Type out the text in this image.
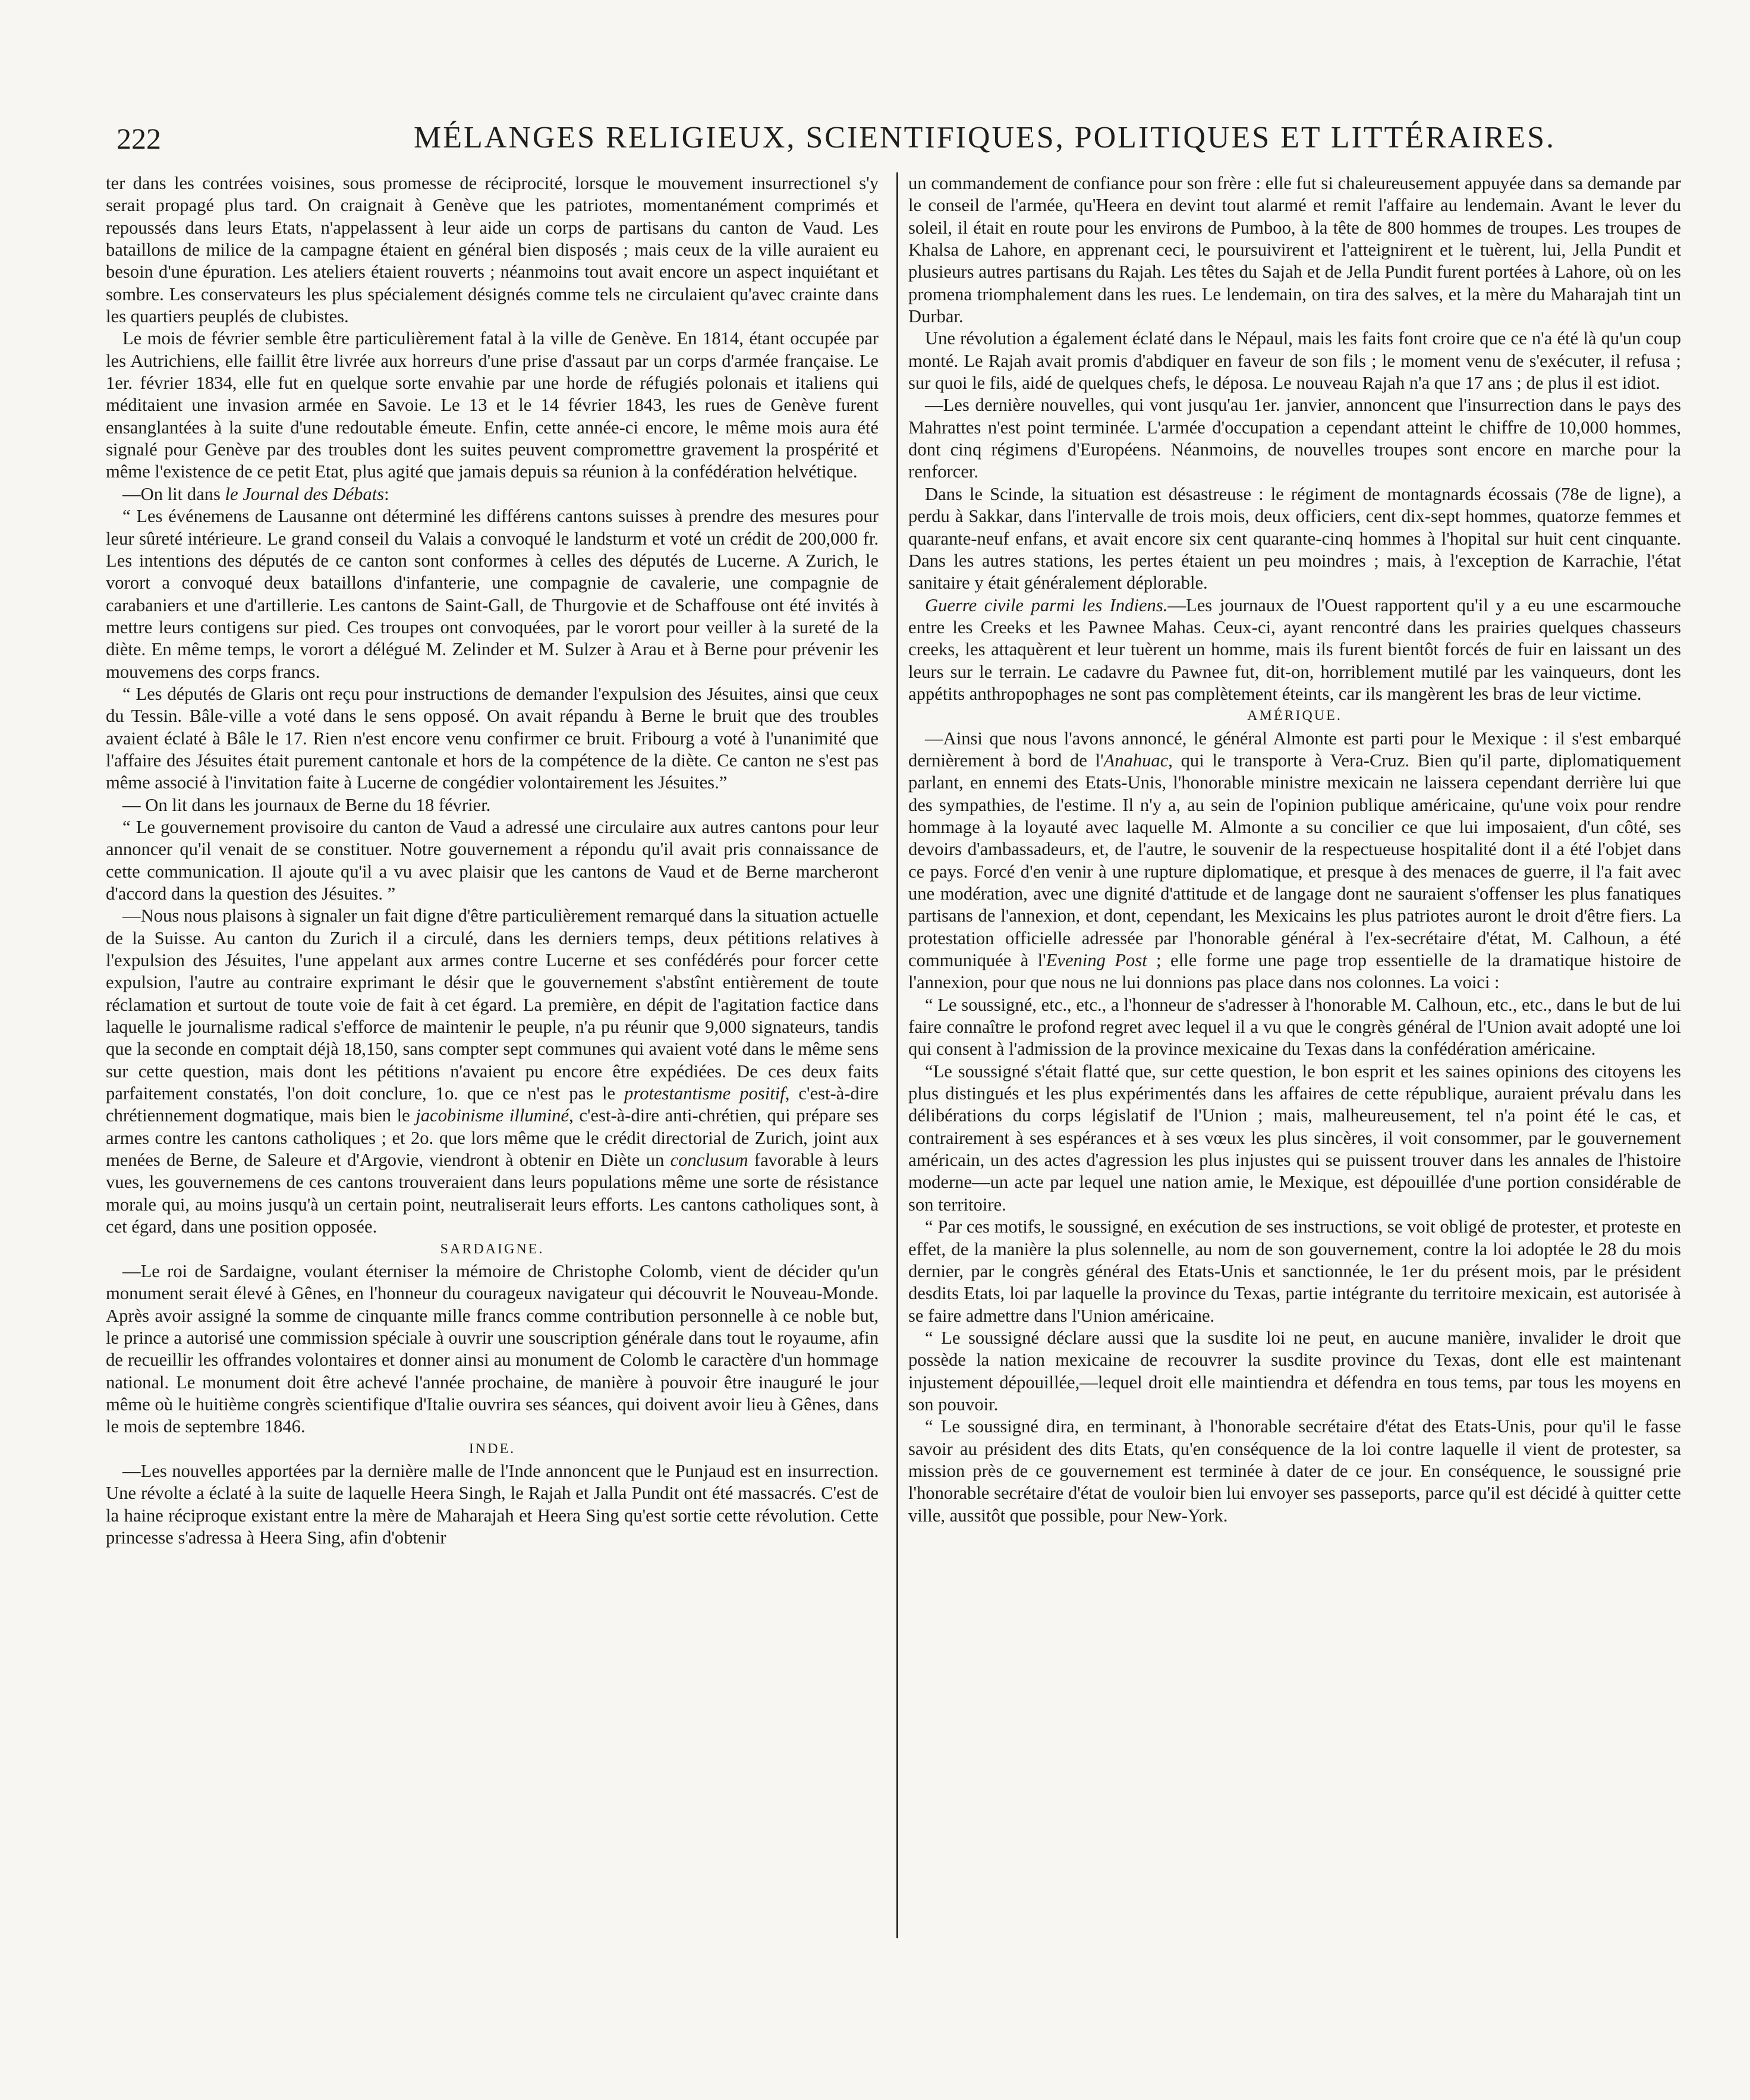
222	MÉLANGES RELIGIEUX, SCIENTIFIQUES, POLITIQUES ET LITTÉRAIRES.

ter dans les contrées voisines, sous promesse de réciprocité, lorsque le mouvement insurrectionel s'y serait propagé plus tard. On craignait à Genève que les patriotes, momentanément comprimés et repoussés dans leurs Etats, n'appelassent à leur aide un corps de partisans du canton de Vaud. Les bataillons de milice de la campagne étaient en général bien disposés ; mais ceux de la ville auraient eu besoin d'une épuration. Les ateliers étaient rouverts ; néanmoins tout avait encore un aspect inquiétant et sombre. Les conservateurs les plus spécialement désignés comme tels ne circulaient qu'avec crainte dans les quartiers peuplés de clubistes.

Le mois de février semble être particulièrement fatal à la ville de Genève. En 1814, étant occupée par les Autrichiens, elle faillit être livrée aux horreurs d'une prise d'assaut par un corps d'armée française. Le 1er. février 1834, elle fut en quelque sorte envahie par une horde de réfugiés polonais et italiens qui méditaient une invasion armée en Savoie. Le 13 et le 14 février 1843, les rues de Genève furent ensanglantées à la suite d'une redoutable émeute. Enfin, cette année-ci encore, le même mois aura été signalé pour Genève par des troubles dont les suites peuvent compromettre gravement la prospérité et même l'existence de ce petit Etat, plus agité que jamais depuis sa réunion à la confédération helvétique.

—On lit dans le Journal des Débats:

“ Les événemens de Lausanne ont déterminé les différens cantons suisses à prendre des mesures pour leur sûreté intérieure. Le grand conseil du Valais a convoqué le landsturm et voté un crédit de 200,000 fr. Les intentions des députés de ce canton sont conformes à celles des députés de Lucerne. A Zurich, le vorort a convoqué deux bataillons d'infanterie, une compagnie de cavalerie, une compagnie de carabaniers et une d'artillerie. Les cantons de Saint-Gall, de Thurgovie et de Schaffouse ont été invités à mettre leurs contigens sur pied. Ces troupes ont convoquées, par le vorort pour veiller à la sureté de la diète. En même temps, le vorort a délégué M. Zelinder et M. Sulzer à Arau et à Berne pour prévenir les mouvemens des corps francs.

“ Les députés de Glaris ont reçu pour instructions de demander l'expulsion des Jésuites, ainsi que ceux du Tessin. Bâle-ville a voté dans le sens opposé. On avait répandu à Berne le bruit que des troubles avaient éclaté à Bâle le 17. Rien n'est encore venu confirmer ce bruit. Fribourg a voté à l'unanimité que l'affaire des Jésuites était purement cantonale et hors de la compétence de la diète. Ce canton ne s'est pas même associé à l'invitation faite à Lucerne de congédier volontairement les Jésuites.”

— On lit dans les journaux de Berne du 18 février.

“ Le gouvernement provisoire du canton de Vaud a adressé une circulaire aux autres cantons pour leur annoncer qu'il venait de se constituer. Notre gouvernement a répondu qu'il avait pris connaissance de cette communication. Il ajoute qu'il a vu avec plaisir que les cantons de Vaud et de Berne marcheront d'accord dans la question des Jésuites. ”

—Nous nous plaisons à signaler un fait digne d'être particulièrement remarqué dans la situation actuelle de la Suisse. Au canton du Zurich il a circulé, dans les derniers temps, deux pétitions relatives à l'expulsion des Jésuites, l'une appelant aux armes contre Lucerne et ses confédérés pour forcer cette expulsion, l'autre au contraire exprimant le désir que le gouvernement s'abstînt entièrement de toute réclamation et surtout de toute voie de fait à cet égard. La première, en dépit de l'agitation factice dans laquelle le journalisme radical s'efforce de maintenir le peuple, n'a pu réunir que 9,000 signateurs, tandis que la seconde en comptait déjà 18,150, sans compter sept communes qui avaient voté dans le même sens sur cette question, mais dont les pétitions n'avaient pu encore être expédiées. De ces deux faits parfaitement constatés, l'on doit conclure, 1o. que ce n'est pas le protestantisme positif, c'est-à-dire chrétiennement dogmatique, mais bien le jacobinisme illuminé, c'est-à-dire anti-chrétien, qui prépare ses armes contre les cantons catholiques ; et 2o. que lors même que le crédit directorial de Zurich, joint aux menées de Berne, de Saleure et d'Argovie, viendront à obtenir en Diète un conclusum favorable à leurs vues, les gouvernemens de ces cantons trouveraient dans leurs populations même une sorte de résistance morale qui, au moins jusqu'à un certain point, neutraliserait leurs efforts. Les cantons catholiques sont, à cet égard, dans une position opposée.

SARDAIGNE.

—Le roi de Sardaigne, voulant éterniser la mémoire de Christophe Colomb, vient de décider qu'un monument serait élevé à Gênes, en l'honneur du courageux navigateur qui découvrit le Nouveau-Monde. Après avoir assigné la somme de cinquante mille francs comme contribution personnelle à ce noble but, le prince a autorisé une commission spéciale à ouvrir une souscription générale dans tout le royaume, afin de recueillir les offrandes volontaires et donner ainsi au monument de Colomb le caractère d'un hommage national. Le monument doit être achevé l'année prochaine, de manière à pouvoir être inauguré le jour même où le huitième congrès scientifique d'Italie ouvrira ses séances, qui doivent avoir lieu à Gênes, dans le mois de septembre 1846.

INDE.

—Les nouvelles apportées par la dernière malle de l'Inde annoncent que le Punjaud est en insurrection. Une révolte a éclaté à la suite de laquelle Heera Singh, le Rajah et Jalla Pundit ont été massacrés. C'est de la haine réciproque existant entre la mère de Maharajah et Heera Sing qu'est sortie cette révolution. Cette princesse s'adressa à Heera Sing, afin d'obtenir

un commandement de confiance pour son frère : elle fut si chaleureusement appuyée dans sa demande par le conseil de l'armée, qu'Heera en devint tout alarmé et remit l'affaire au lendemain. Avant le lever du soleil, il était en route pour les environs de Pumboo, à la tête de 800 hommes de troupes. Les troupes de Khalsa de Lahore, en apprenant ceci, le poursuivirent et l'atteignirent et le tuèrent, lui, Jella Pundit et plusieurs autres partisans du Rajah. Les têtes du Sajah et de Jella Pundit furent portées à Lahore, où on les promena triomphalement dans les rues. Le lendemain, on tira des salves, et la mère du Maharajah tint un Durbar.

Une révolution a également éclaté dans le Népaul, mais les faits font croire que ce n'a été là qu'un coup monté. Le Rajah avait promis d'abdiquer en faveur de son fils ; le moment venu de s'exécuter, il refusa ; sur quoi le fils, aidé de quelques chefs, le déposa. Le nouveau Rajah n'a que 17 ans ; de plus il est idiot.

—Les dernière nouvelles, qui vont jusqu'au 1er. janvier, annoncent que l'insurrection dans le pays des Mahrattes n'est point terminée. L'armée d'occupation a cependant atteint le chiffre de 10,000 hommes, dont cinq régimens d'Européens. Néanmoins, de nouvelles troupes sont encore en marche pour la renforcer.

Dans le Scinde, la situation est désastreuse : le régiment de montagnards écossais (78e de ligne), a perdu à Sakkar, dans l'intervalle de trois mois, deux officiers, cent dix-sept hommes, quatorze femmes et quarante-neuf enfans, et avait encore six cent quarante-cinq hommes à l'hopital sur huit cent cinquante. Dans les autres stations, les pertes étaient un peu moindres ; mais, à l'exception de Karrachie, l'état sanitaire y était généralement déplorable.

Guerre civile parmi les Indiens.—Les journaux de l'Ouest rapportent qu'il y a eu une escarmouche entre les Creeks et les Pawnee Mahas. Ceux-ci, ayant rencontré dans les prairies quelques chasseurs creeks, les attaquèrent et leur tuèrent un homme, mais ils furent bientôt forcés de fuir en laissant un des leurs sur le terrain. Le cadavre du Pawnee fut, dit-on, horriblement mutilé par les vainqueurs, dont les appétits anthropophages ne sont pas complètement éteints, car ils mangèrent les bras de leur victime.

AMÉRIQUE.

—Ainsi que nous l'avons annoncé, le général Almonte est parti pour le Mexique : il s'est embarqué dernièrement à bord de l'Anahuac, qui le transporte à Vera-Cruz. Bien qu'il parte, diplomatiquement parlant, en ennemi des Etats-Unis, l'honorable ministre mexicain ne laissera cependant derrière lui que des sympathies, de l'estime. Il n'y a, au sein de l'opinion publique américaine, qu'une voix pour rendre hommage à la loyauté avec laquelle M. Almonte a su concilier ce que lui imposaient, d'un côté, ses devoirs d'ambassadeurs, et, de l'autre, le souvenir de la respectueuse hospitalité dont il a été l'objet dans ce pays. Forcé d'en venir à une rupture diplomatique, et presque à des menaces de guerre, il l'a fait avec une modération, avec une dignité d'attitude et de langage dont ne sauraient s'offenser les plus fanatiques partisans de l'annexion, et dont, cependant, les Mexicains les plus patriotes auront le droit d'être fiers. La protestation officielle adressée par l'honorable général à l'ex-secrétaire d'état, M. Calhoun, a été communiquée à l'Evening Post ; elle forme une page trop essentielle de la dramatique histoire de l'annexion, pour que nous ne lui donnions pas place dans nos colonnes. La voici :

“ Le soussigné, etc., etc., a l'honneur de s'adresser à l'honorable M. Calhoun, etc., etc., dans le but de lui faire connaître le profond regret avec lequel il a vu que le congrès général de l'Union avait adopté une loi qui consent à l'admission de la province mexicaine du Texas dans la confédération américaine.

“Le soussigné s'était flatté que, sur cette question, le bon esprit et les saines opinions des citoyens les plus distingués et les plus expérimentés dans les affaires de cette république, auraient prévalu dans les délibérations du corps législatif de l'Union ; mais, malheureusement, tel n'a point été le cas, et contrairement à ses espérances et à ses vœux les plus sincères, il voit consommer, par le gouvernement américain, un des actes d'agression les plus injustes qui se puissent trouver dans les annales de l'histoire moderne—un acte par lequel une nation amie, le Mexique, est dépouillée d'une portion considérable de son territoire.

“ Par ces motifs, le soussigné, en exécution de ses instructions, se voit obligé de protester, et proteste en effet, de la manière la plus solennelle, au nom de son gouvernement, contre la loi adoptée le 28 du mois dernier, par le congrès général des Etats-Unis et sanctionnée, le 1er du présent mois, par le président desdits Etats, loi par laquelle la province du Texas, partie intégrante du territoire mexicain, est autorisée à se faire admettre dans l'Union américaine.

“ Le soussigné déclare aussi que la susdite loi ne peut, en aucune manière, invalider le droit que possède la nation mexicaine de recouvrer la susdite province du Texas, dont elle est maintenant injustement dépouillée,—lequel droit elle maintiendra et défendra en tous tems, par tous les moyens en son pouvoir.

“ Le soussigné dira, en terminant, à l'honorable secrétaire d'état des Etats-Unis, pour qu'il le fasse savoir au président des dits Etats, qu'en conséquence de la loi contre laquelle il vient de protester, sa mission près de ce gouvernement est terminée à dater de ce jour. En conséquence, le soussigné prie l'honorable secrétaire d'état de vouloir bien lui envoyer ses passeports, parce qu'il est décidé à quitter cette ville, aussitôt que possible, pour New-York.
